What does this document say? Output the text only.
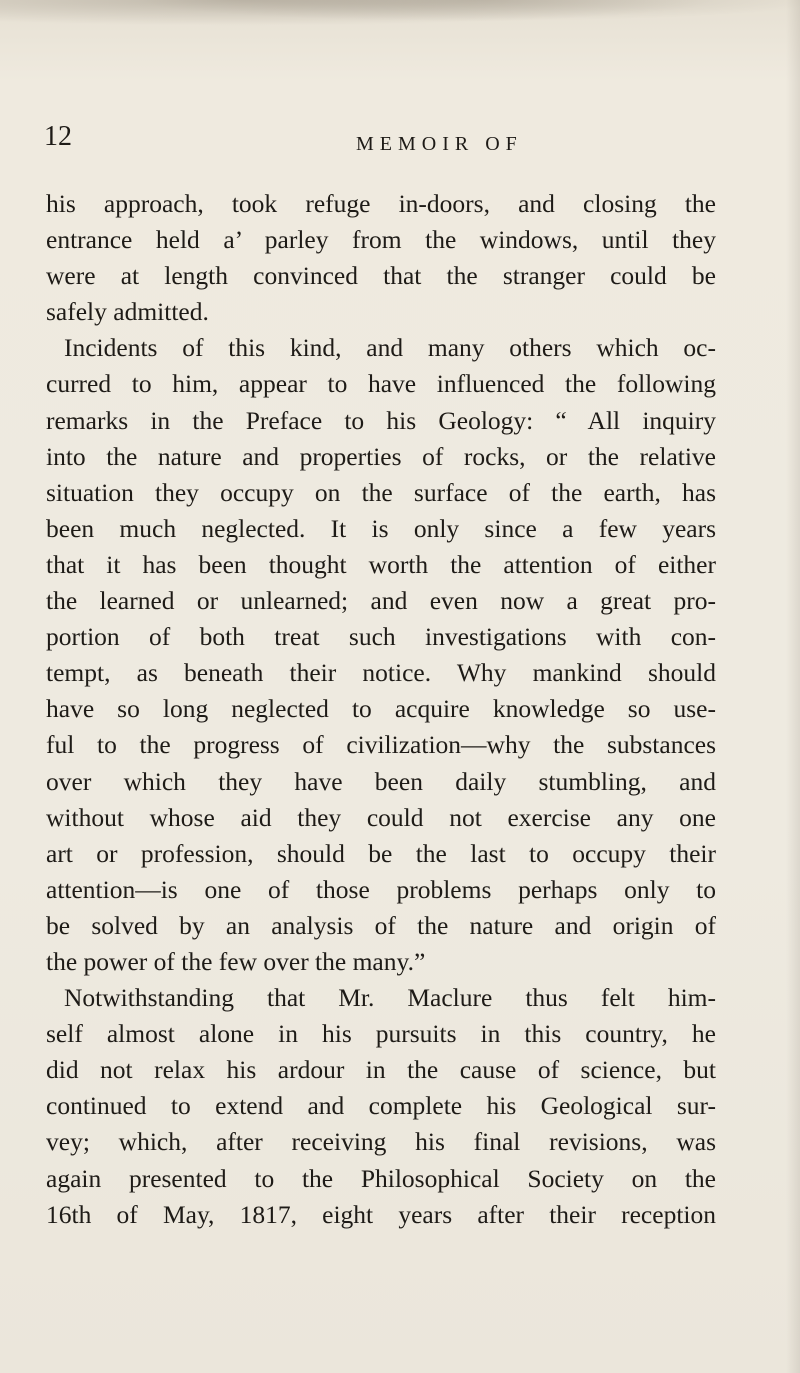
12	MEMOIR OF
his approach, took refuge in-doors, and closing the
entrance held a’ parley from the windows, until they
were at length convinced that the stranger could be
safely admitted.
Incidents of this kind, and many others which oc-
curred to him, appear to have influenced the following
remarks in the Preface to his Geology: “ All inquiry
into the nature and properties of rocks, or the relative
situation they occupy on the surface of the earth, has
been much neglected. It is only since a few years
that it has been thought worth the attention of either
the learned or unlearned; and even now a great pro-
portion of both treat such investigations with con-
tempt, as beneath their notice. Why mankind should
have so long neglected to acquire knowledge so use-
ful to the progress of civilization—why the substances
over which they have been daily stumbling, and
without whose aid they could not exercise any one
art or profession, should be the last to occupy their
attention—is one of those problems perhaps only to
be solved by an analysis of the nature and origin of
the power of the few over the many.”
Notwithstanding that Mr. Maclure thus felt him-
self almost alone in his pursuits in this country, he
did not relax his ardour in the cause of science, but
continued to extend and complete his Geological sur-
vey; which, after receiving his final revisions, was
again presented to the Philosophical Society on the
16th of May, 1817, eight years after their reception
